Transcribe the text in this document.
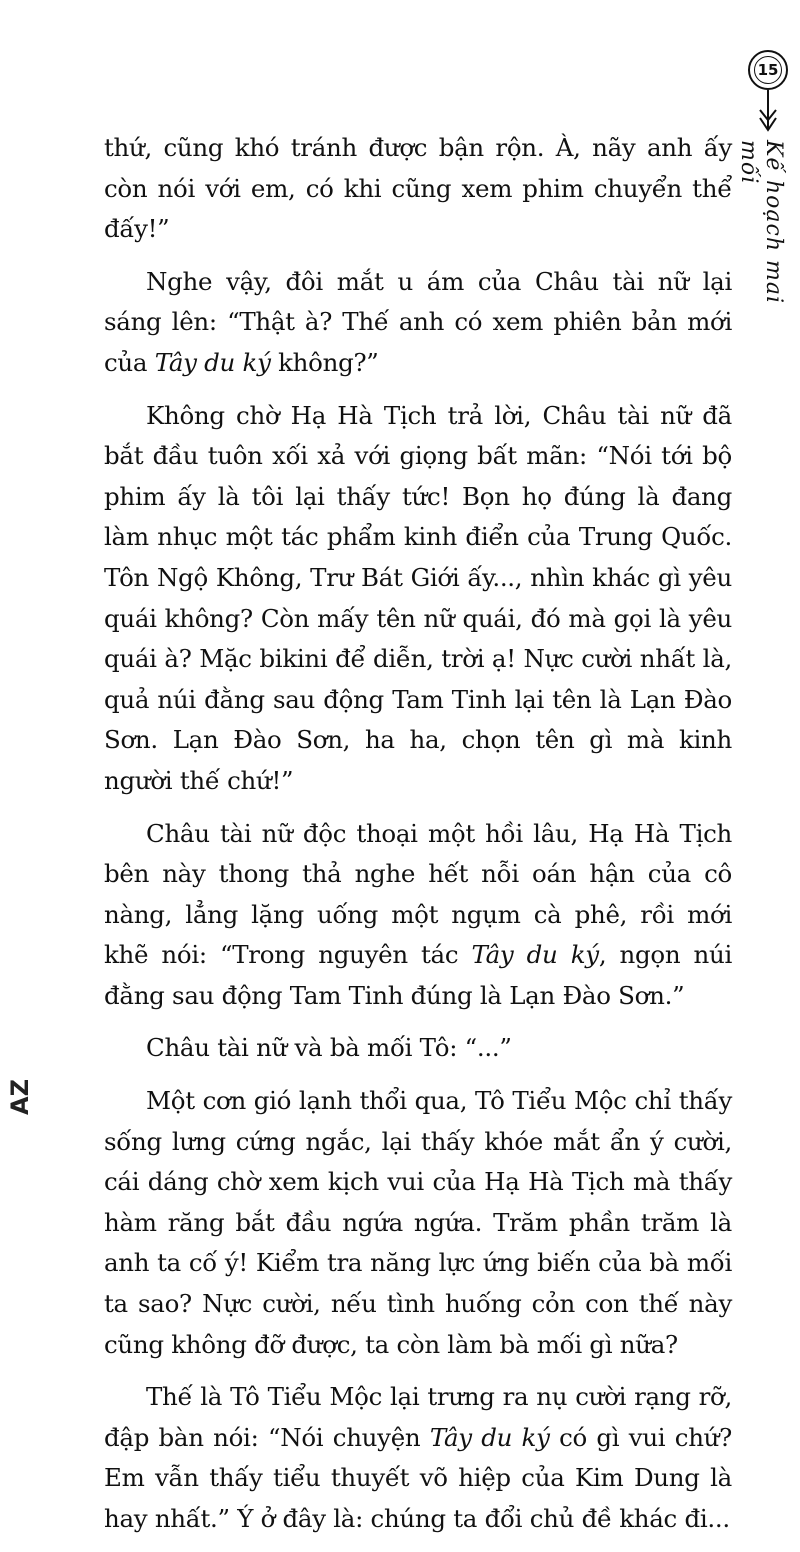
15
Kế hoạch mai mối

thứ, cũng khó tránh được bận rộn. À, nãy anh ấy còn nói với em, có khi cũng xem phim chuyển thể đấy!”

Nghe vậy, đôi mắt u ám của Châu tài nữ lại sáng lên: “Thật à? Thế anh có xem phiên bản mới của Tây du ký không?”

Không chờ Hạ Hà Tịch trả lời, Châu tài nữ đã bắt đầu tuôn xối xả với giọng bất mãn: “Nói tới bộ phim ấy là tôi lại thấy tức! Bọn họ đúng là đang làm nhục một tác phẩm kinh điển của Trung Quốc. Tôn Ngộ Không, Trư Bát Giới ấy..., nhìn khác gì yêu quái không? Còn mấy tên nữ quái, đó mà gọi là yêu quái à? Mặc bikini để diễn, trời ạ! Nực cười nhất là, quả núi đằng sau động Tam Tinh lại tên là Lạn Đào Sơn. Lạn Đào Sơn, ha ha, chọn tên gì mà kinh người thế chứ!”

Châu tài nữ độc thoại một hồi lâu, Hạ Hà Tịch bên này thong thả nghe hết nỗi oán hận của cô nàng, lẳng lặng uống một ngụm cà phê, rồi mới khẽ nói: “Trong nguyên tác Tây du ký, ngọn núi đằng sau động Tam Tinh đúng là Lạn Đào Sơn.”

Châu tài nữ và bà mối Tô: “...”

Một cơn gió lạnh thổi qua, Tô Tiểu Mộc chỉ thấy sống lưng cứng ngắc, lại thấy khóe mắt ẩn ý cười, cái dáng chờ xem kịch vui của Hạ Hà Tịch mà thấy hàm răng bắt đầu ngứa ngứa. Trăm phần trăm là anh ta cố ý! Kiểm tra năng lực ứng biến của bà mối ta sao? Nực cười, nếu tình huống cỏn con thế này cũng không đỡ được, ta còn làm bà mối gì nữa?

Thế là Tô Tiểu Mộc lại trưng ra nụ cười rạng rỡ, đập bàn nói: “Nói chuyện Tây du ký có gì vui chứ? Em vẫn thấy tiểu thuyết võ hiệp của Kim Dung là hay nhất.” Ý ở đây là: chúng ta đổi chủ đề khác đi...

AZ
